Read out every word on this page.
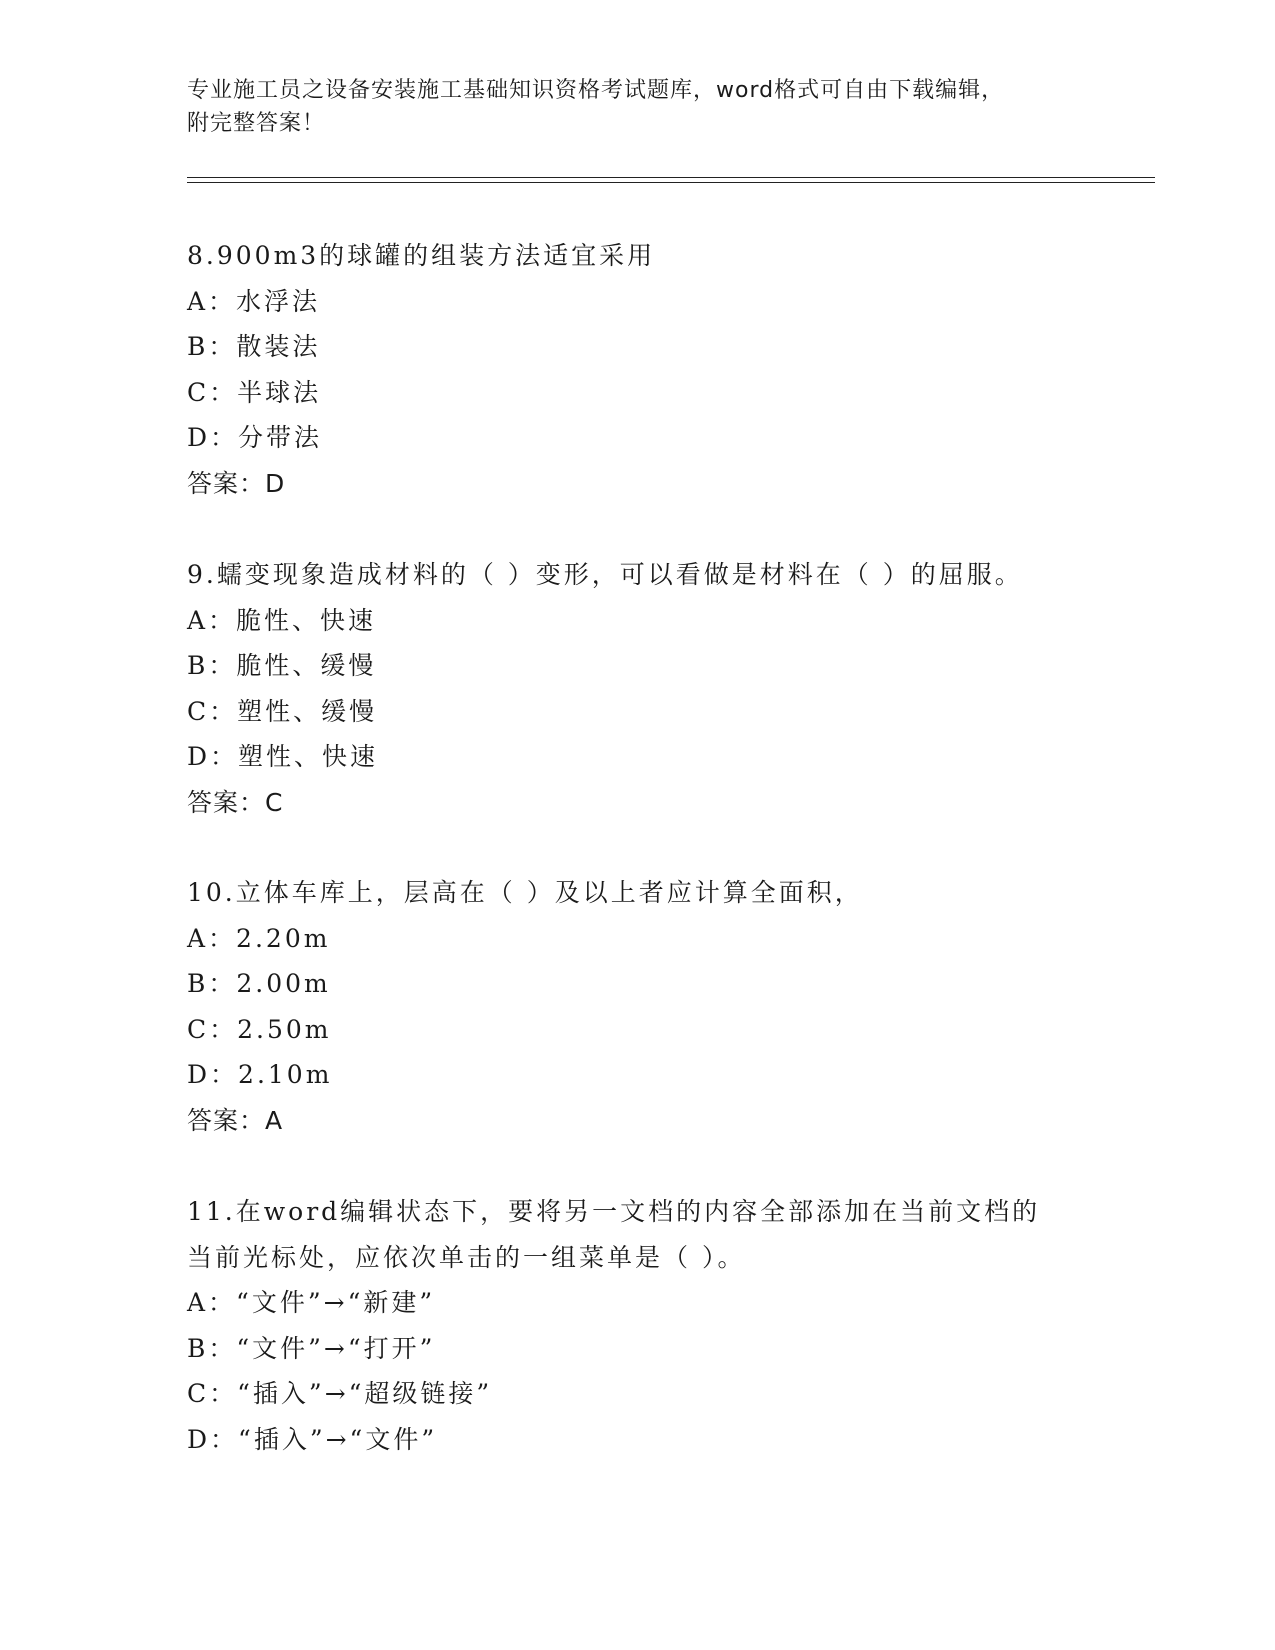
专业施工员之设备安装施工基础知识资格考试题库，word格式可自由下载编辑，
附完整答案！
8.900m3的球罐的组装方法适宜采用
A：水浮法
B：散装法
C：半球法
D：分带法
答案：D
9.蠕变现象造成材料的（ ）变形，可以看做是材料在（ ）的屈服。
A：脆性、快速
B：脆性、缓慢
C：塑性、缓慢
D：塑性、快速
答案：C
10.立体车库上，层高在（ ）及以上者应计算全面积，
A：2.20m
B：2.00m
C：2.50m
D：2.10m
答案：A
11.在word编辑状态下，要将另一文档的内容全部添加在当前文档的
当前光标处，应依次单击的一组菜单是（ ）。
A：“文件”→“新建”
B：“文件”→“打开”
C：“插入”→“超级链接”
D：“插入”→“文件”
